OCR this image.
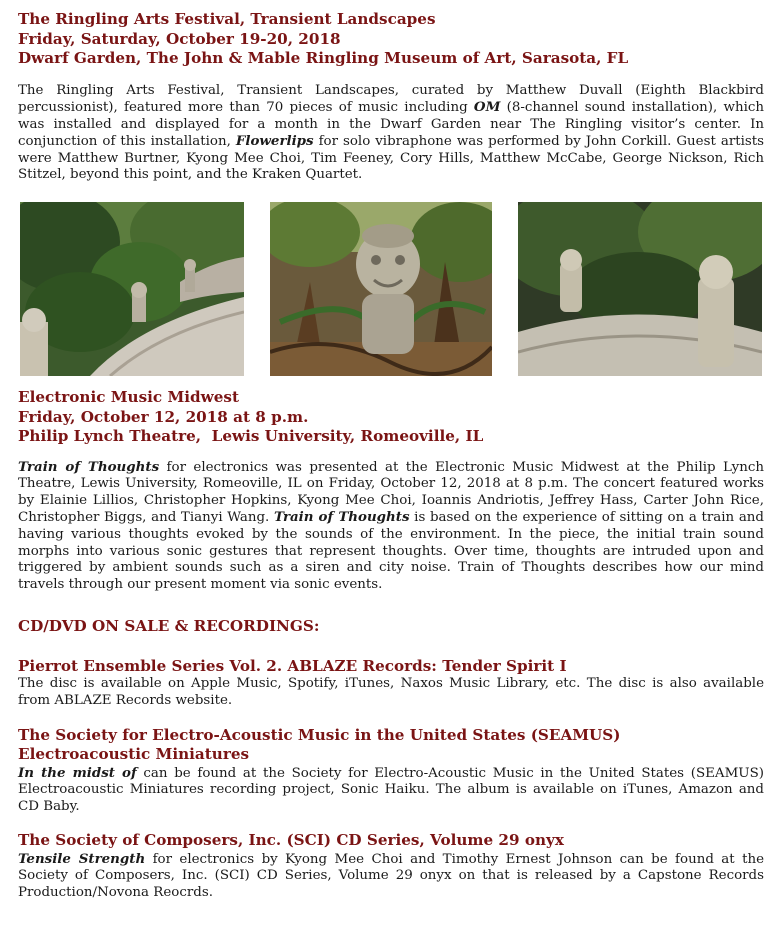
The Ringling Arts Festival, Transient Landscapes

Friday, Saturday, October 19-20, 2018

Dwarf Garden, The John & Mable Ringling Museum of Art, Sarasota, FL

The Ringling Arts Festival, Transient Landscapes, curated by Matthew Duvall (Eighth Blackbird percussionist), featured more than 70 pieces of music including OM (8-channel sound installation), which was installed and displayed for a month in the Dwarf Garden near The Ringling visitor’s center. In conjunction of this installation, Flowerlips for solo vibraphone was performed by John Corkill. Guest artists were Matthew Burtner, Kyong Mee Choi, Tim Feeney, Cory Hills, Matthew McCabe, George Nickson, Rich Stitzel, beyond this point, and the Kraken Quartet.

Electronic Music Midwest

Friday, October 12, 2018 at 8 p.m.

Philip Lynch Theatre,  Lewis University, Romeoville, IL

Train of Thoughts for electronics was presented at the Electronic Music Midwest at the Philip Lynch Theatre, Lewis University, Romeoville, IL on Friday, October 12, 2018 at 8 p.m. The concert featured works by Elainie Lillios, Christopher Hopkins, Kyong Mee Choi, Ioannis Andriotis, Jeffrey Hass, Carter John Rice, Christopher Biggs, and Tianyi Wang. Train of Thoughts is based on the experience of sitting on a train and having various thoughts evoked by the sounds of the environment. In the piece, the initial train sound morphs into various sonic gestures that represent thoughts. Over time, thoughts are intruded upon and triggered by ambient sounds such as a siren and city noise. Train of Thoughts describes how our mind travels through our present moment via sonic events.

CD/DVD ON SALE & RECORDINGS:

Pierrot Ensemble Series Vol. 2. ABLAZE Records: Tender Spirit I

The disc is available on Apple Music, Spotify, iTunes, Naxos Music Library, etc. The disc is also available from ABLAZE Records website.

The Society for Electro-Acoustic Music in the United States (SEAMUS)

Electroacoustic Miniatures

In the midst of can be found at the Society for Electro-Acoustic Music in the United States (SEAMUS) Electroacoustic Miniatures recording project, Sonic Haiku. The album is available on iTunes, Amazon and CD Baby.

The Society of Composers, Inc. (SCI) CD Series, Volume 29 onyx

Tensile Strength for electronics by Kyong Mee Choi and Timothy Ernest Johnson can be found at the Society of Composers, Inc. (SCI) CD Series, Volume 29 onyx on that is released by a Capstone Records Production/Novona Reocrds.
